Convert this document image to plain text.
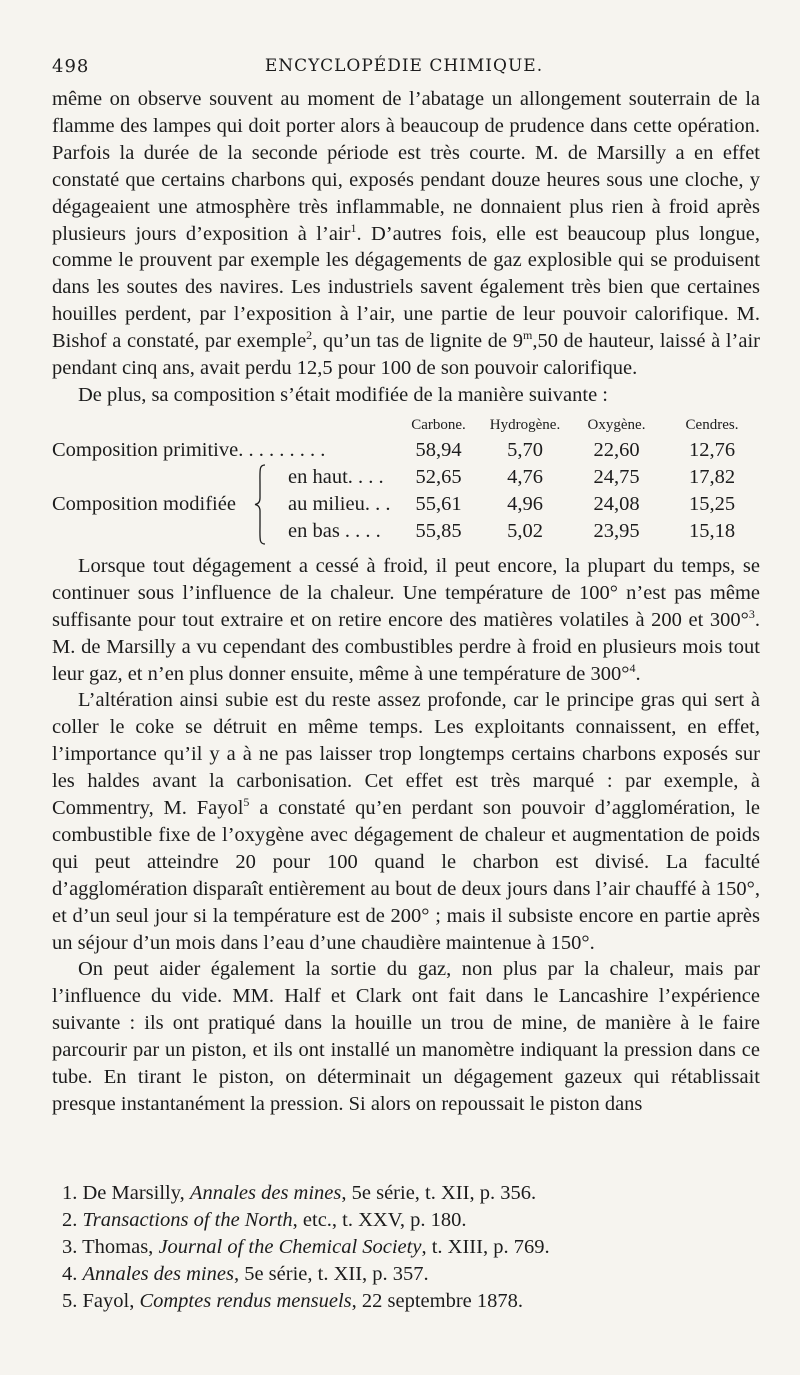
498	ENCYCLOPÉDIE CHIMIQUE.

même on observe souvent au moment de l’abatage un allongement souterrain de la flamme des lampes qui doit porter alors à beaucoup de prudence dans cette opération. Parfois la durée de la seconde période est très courte. M. de Marsilly a en effet constaté que certains charbons qui, exposés pendant douze heures sous une cloche, y dégageaient une atmosphère très inflammable, ne donnaient plus rien à froid après plusieurs jours d’exposition à l’air$^1$. D’autres fois, elle est beaucoup plus longue, comme le prouvent par exemple les dégagements de gaz explosible qui se produisent dans les soutes des navires. Les industriels savent également très bien que certaines houilles perdent, par l’exposition à l’air, une partie de leur pouvoir calorifique. M. Bishof a constaté, par exemple$^2$, qu’un tas de lignite de 9$^m$,50 de hauteur, laissé à l’air pendant cinq ans, avait perdu 12,5 pour 100 de son pouvoir calorifique.

De plus, sa composition s’était modifiée de la manière suivante :

			Carbone.	Hydrogène.	Oxygène.	Cendres.
Composition primitive. . . . . . . . .			58,94	5,70	22,60	12,76
Composition modifiée		en haut. . . .	52,65	4,76	24,75	17,82
		au milieu. . .	55,61	4,96	24,08	15,25
		en bas . . . .	55,85	5,02	23,95	15,18

Lorsque tout dégagement a cessé à froid, il peut encore, la plupart du temps, se continuer sous l’influence de la chaleur. Une température de 100° n’est pas même suffisante pour tout extraire et on retire encore des matières volatiles à 200 et 300°$^3$. M. de Marsilly a vu cependant des combustibles perdre à froid en plusieurs mois tout leur gaz, et n’en plus donner ensuite, même à une température de 300°$^4$.

L’altération ainsi subie est du reste assez profonde, car le principe gras qui sert à coller le coke se détruit en même temps. Les exploitants connaissent, en effet, l’importance qu’il y a à ne pas laisser trop longtemps certains charbons exposés sur les haldes avant la carbonisation. Cet effet est très marqué : par exemple, à Commentry, M. Fayol$^5$ a constaté qu’en perdant son pouvoir d’agglomération, le combustible fixe de l’oxygène avec dégagement de chaleur et augmentation de poids qui peut atteindre 20 pour 100 quand le charbon est divisé. La faculté d’agglomération disparaît entièrement au bout de deux jours dans l’air chauffé à 150°, et d’un seul jour si la température est de 200° ; mais il subsiste encore en partie après un séjour d’un mois dans l’eau d’une chaudière maintenue à 150°.

On peut aider également la sortie du gaz, non plus par la chaleur, mais par l’influence du vide. MM. Half et Clark ont fait dans le Lancashire l’expérience suivante : ils ont pratiqué dans la houille un trou de mine, de manière à le faire parcourir par un piston, et ils ont installé un manomètre indiquant la pression dans ce tube. En tirant le piston, on déterminait un dégagement gazeux qui rétablissait presque instantanément la pression. Si alors on repoussait le piston dans

1. De Marsilly, Annales des mines, 5e série, t. XII, p. 356.

2. Transactions of the North, etc., t. XXV, p. 180.

3. Thomas, Journal of the Chemical Society, t. XIII, p. 769.

4. Annales des mines, 5e série, t. XII, p. 357.

5. Fayol, Comptes rendus mensuels, 22 septembre 1878.
